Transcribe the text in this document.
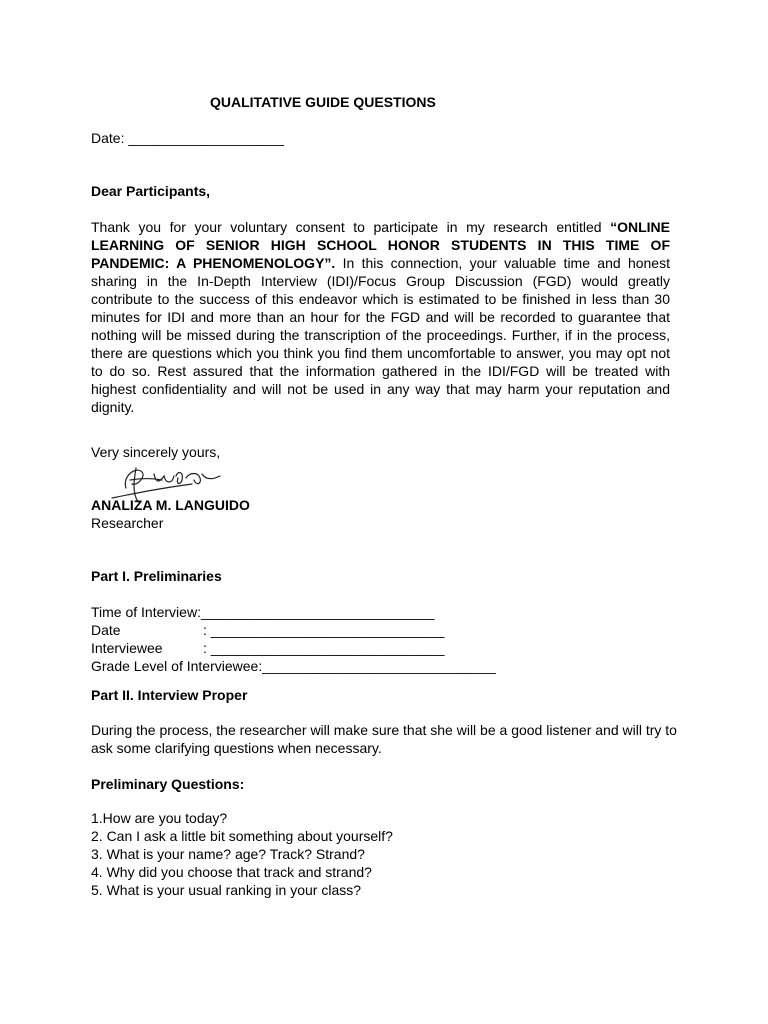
QUALITATIVE GUIDE QUESTIONS
Date: ____________________
Dear Participants,
Thank you for your voluntary consent to participate in my research entitled “ONLINE LEARNING OF SENIOR HIGH SCHOOL HONOR STUDENTS IN THIS TIME OF PANDEMIC: A PHENOMENOLOGY”. In this connection, your valuable time and honest sharing in the In-Depth Interview (IDI)/Focus Group Discussion (FGD) would greatly contribute to the success of this endeavor which is estimated to be finished in less than 30 minutes for IDI and more than an hour for the FGD and will be recorded to guarantee that nothing will be missed during the transcription of the proceedings. Further, if in the process, there are questions which you think you find them uncomfortable to answer, you may opt not to do so. Rest assured that the information gathered in the IDI/FGD will be treated with highest confidentiality and will not be used in any way that may harm your reputation and dignity.
Very sincerely yours,
ANALIZA M. LANGUIDO
Researcher
Part I. Preliminaries
Time of Interview:______________________________
Date	: ______________________________
Interviewee	: ______________________________
Grade Level of Interviewee:______________________________
Part II. Interview Proper
During the process, the researcher will make sure that she will be a good listener and will try to ask some clarifying questions when necessary.
Preliminary Questions:
1.How are you today?
2. Can I ask a little bit something about yourself?
3. What is your name? age? Track? Strand?
4. Why did you choose that track and strand?
5. What is your usual ranking in your class?
